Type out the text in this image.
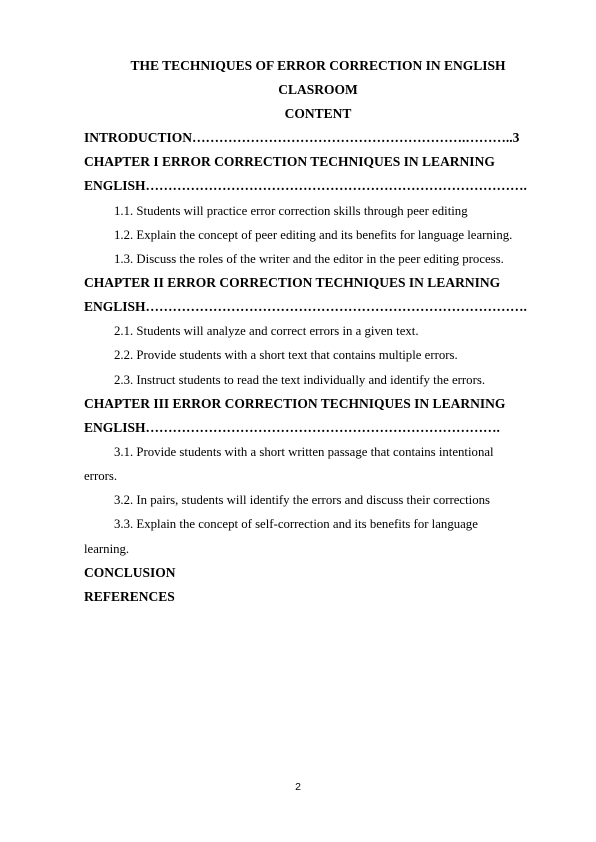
THE TECHNIQUES OF ERROR CORRECTION IN ENGLISH
CLASROOM
CONTENT
INTRODUCTION…………………………………………………….………..3
CHAPTER I ERROR CORRECTION TECHNIQUES IN LEARNING
ENGLISH………………………………………………………………………….
1.1. Students will practice error correction skills through peer editing
1.2. Explain the concept of peer editing and its benefits for language learning.
1.3. Discuss the roles of the writer and the editor in the peer editing process.
CHAPTER II ERROR CORRECTION TECHNIQUES IN LEARNING
ENGLISH………………………………………………………………………….
2.1. Students will analyze and correct errors in a given text.
2.2. Provide students with a short text that contains multiple errors.
2.3. Instruct students to read the text individually and identify the errors.
CHAPTER III ERROR CORRECTION TECHNIQUES IN LEARNING
ENGLISH…………………………………………………………………….
3.1. Provide students with a short written passage that contains intentional
errors.
3.2. In pairs, students will identify the errors and discuss their corrections
3.3. Explain the concept of self-correction and its benefits for language
learning.
CONCLUSION
REFERENCES
2
